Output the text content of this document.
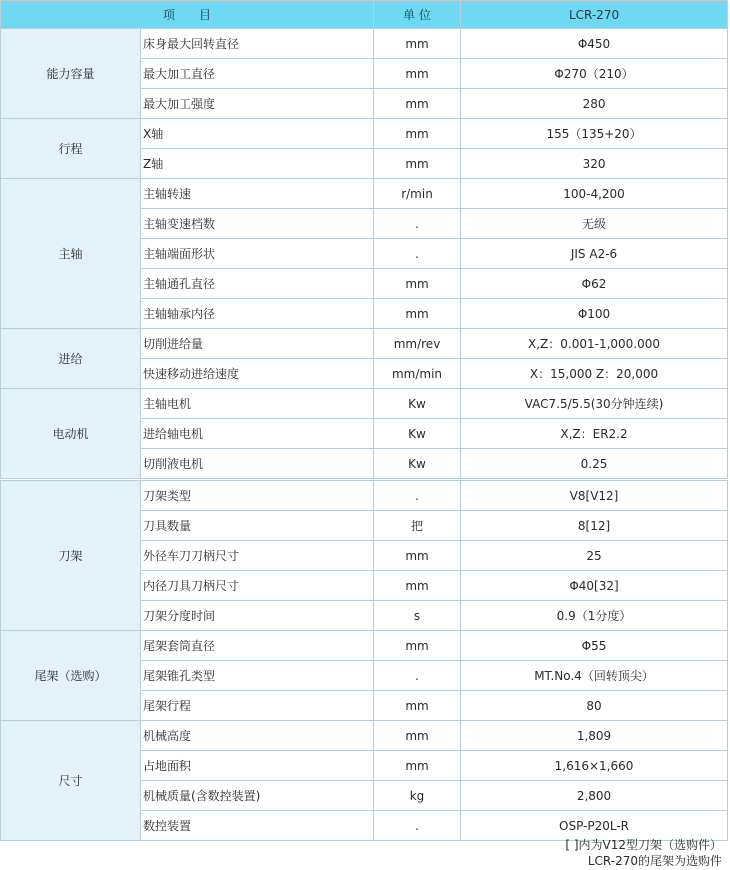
项　　目		单 位	LCR-270
能力容量	床身最大回转直径	mm	Φ450
	最大加工直径	mm	Φ270（210）
	最大加工强度	mm	280
行程	X轴	mm	155（135+20）
	Z轴	mm	320
主轴	主轴转速	r/min	100-4,200
	主轴变速档数	.	无级
	主轴端面形状	.	JIS A2-6
	主轴通孔直径	mm	Φ62
	主轴轴承内径	mm	Φ100
进给	切削进给量	mm/rev	X,Z：0.001-1,000.000
	快速移动进给速度	mm/min	X：15,000 Z：20,000
电动机	主轴电机	Kw	VAC7.5/5.5(30分钟连续)
	进给轴电机	Kw	X,Z：ER2.2
	切削液电机	Kw	0.25
刀架	刀架类型	.	V8[V12]
	刀具数量	把	8[12]
	外径车刀刀柄尺寸	mm	25
	内径刀具刀柄尺寸	mm	Φ40[32]
	刀架分度时间	s	0.9（1分度）
尾架（选购）	尾架套筒直径	mm	Φ55
	尾架锥孔类型	.	MT.No.4（回转顶尖）
	尾架行程	mm	80
尺寸	机械高度	mm	1,809
	占地面积	mm	1,616×1,660
	机械质量(含数控装置)	kg	2,800
	数控装置	.	OSP-P20L-R
[ ]内为V12型刀架（选购件）
LCR-270的尾架为选购件
